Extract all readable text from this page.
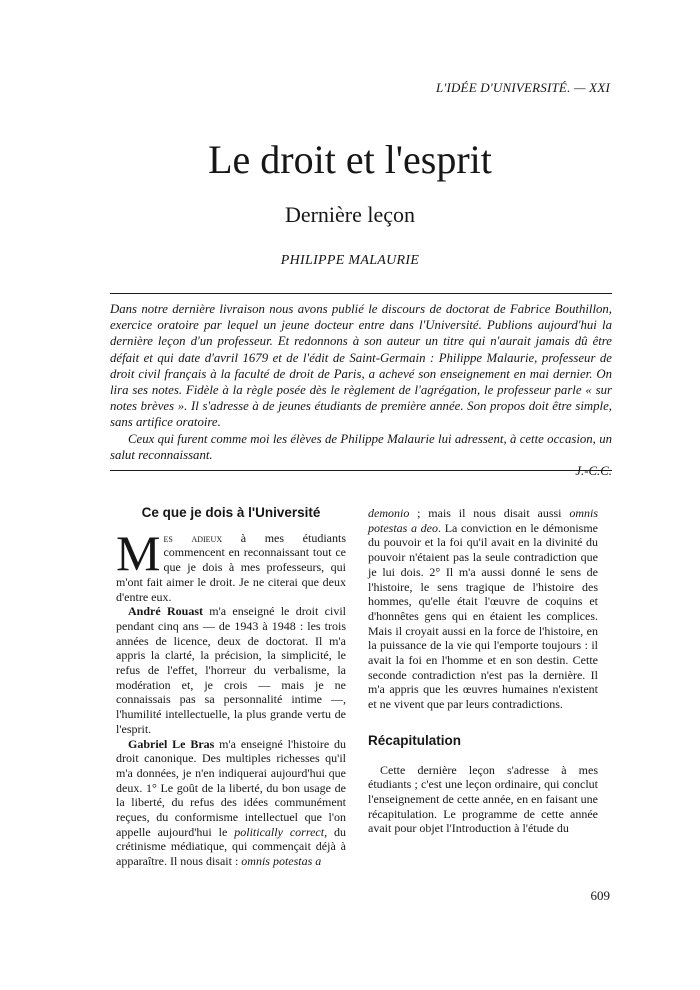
L'IDÉE D'UNIVERSITÉ. — XXI
Le droit et l'esprit
Dernière leçon
PHILIPPE MALAURIE

Dans notre dernière livraison nous avons publié le discours de doctorat de Fabrice Bouthillon, exercice oratoire par lequel un jeune docteur entre dans l'Université. Publions aujourd'hui la dernière leçon d'un professeur. Et redonnons à son auteur un titre qui n'aurait jamais dû être défait et qui date d'avril 1679 et de l'édit de Saint-Germain : Philippe Malaurie, professeur de droit civil français à la faculté de droit de Paris, a achevé son enseignement en mai dernier. On lira ses notes. Fidèle à la règle posée dès le règlement de l'agrégation, le professeur parle « sur notes brèves ». Il s'adresse à de jeunes étudiants de première année. Son propos doit être simple, sans artifice oratoire.

Ceux qui furent comme moi les élèves de Philippe Malaurie lui adressent, à cette occasion, un salut reconnaissant.

J.-C.C.

Ce que je dois à l'Université

Mes adieux à mes étudiants commencent en reconnaissant tout ce que je dois à mes professeurs, qui m'ont fait aimer le droit. Je ne citerai que deux d'entre eux.

André Rouast m'a enseigné le droit civil pendant cinq ans — de 1943 à 1948 : les trois années de licence, deux de doctorat. Il m'a appris la clarté, la précision, la simplicité, le refus de l'effet, l'horreur du verbalisme, la modération et, je crois — mais je ne connaissais pas sa personnalité intime —, l'humilité intellectuelle, la plus grande vertu de l'esprit.

Gabriel Le Bras m'a enseigné l'histoire du droit canonique. Des multiples richesses qu'il m'a données, je n'en indiquerai aujourd'hui que deux. 1° Le goût de la liberté, du bon usage de la liberté, du refus des idées communément reçues, du conformisme intellectuel que l'on appelle aujourd'hui le politically correct, du crétinisme médiatique, qui commençait déjà à apparaître. Il nous disait : omnis potestas a

demonio ; mais il nous disait aussi omnis potestas a deo. La conviction en le démonisme du pouvoir et la foi qu'il avait en la divinité du pouvoir n'étaient pas la seule contradiction que je lui dois. 2° Il m'a aussi donné le sens de l'histoire, le sens tragique de l'histoire des hommes, qu'elle était l'œuvre de coquins et d'honnêtes gens qui en étaient les complices. Mais il croyait aussi en la force de l'histoire, en la puissance de la vie qui l'emporte toujours : il avait la foi en l'homme et en son destin. Cette seconde contradiction n'est pas la dernière. Il m'a appris que les œuvres humaines n'existent et ne vivent que par leurs contradictions.

Récapitulation

Cette dernière leçon s'adresse à mes étudiants ; c'est une leçon ordinaire, qui conclut l'enseignement de cette année, en en faisant une récapitulation. Le programme de cette année avait pour objet l'Introduction à l'étude du

609
